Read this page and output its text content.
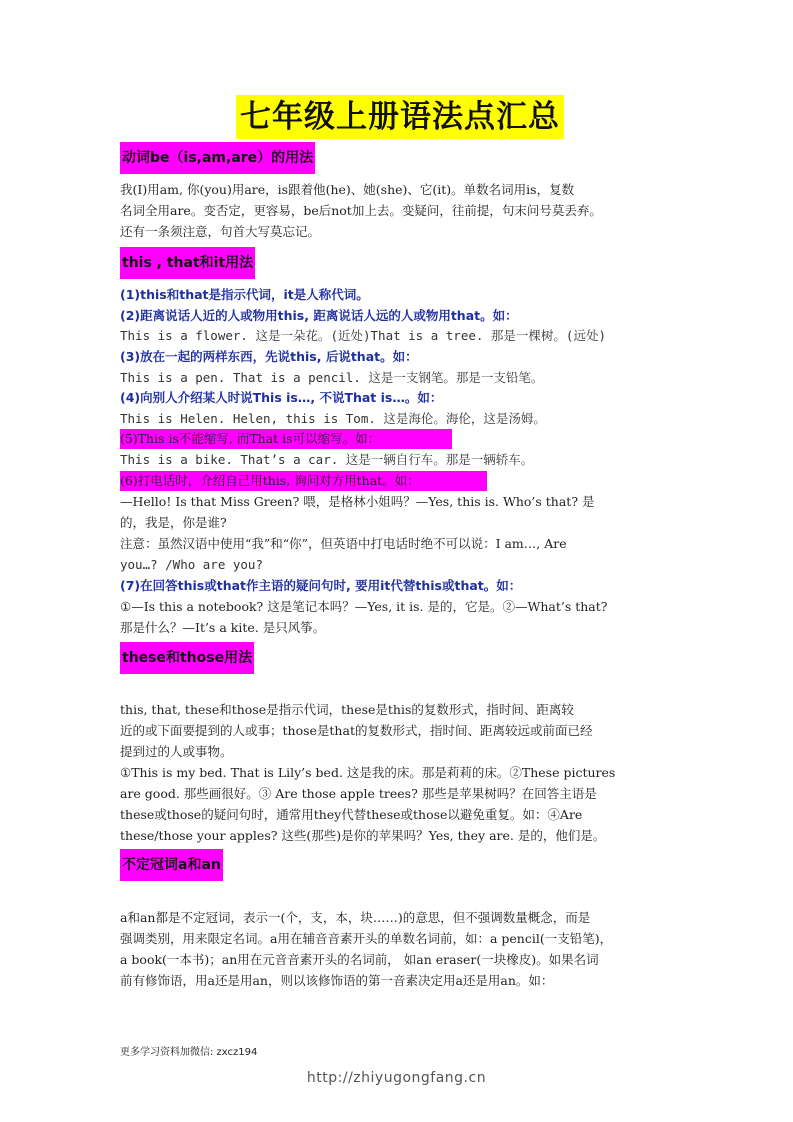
七年级上册语法点汇总
动词be（is,am,are）的用法
我(I)用am, 你(you)用are，is跟着他(he)、她(she)、它(it)。单数名词用is，复数
名词全用are。变否定，更容易，be后not加上去。变疑问，往前提，句末问号莫丢弃。
还有一条须注意，句首大写莫忘记。
this , that和it用法
(1)this和that是指示代词，it是人称代词。
(2)距离说话人近的人或物用this, 距离说话人远的人或物用that。如：
This is a flower. 这是一朵花。(近处)That is a tree. 那是一棵树。(远处)
(3)放在一起的两样东西，先说this, 后说that。如：
This is a pen. That is a pencil. 这是一支钢笔。那是一支铅笔。
(4)向别人介绍某人时说This is…, 不说That is…。如：
This is Helen. Helen, this is Tom. 这是海伦。海伦，这是汤姆。
(5)This is不能缩写, 而That is可以缩写。如：
This is a bike. That’s a car. 这是一辆自行车。那是一辆轿车。
(6)打电话时，介绍自己用this, 询问对方用that。如：
—Hello! Is that Miss Green? 喂，是格林小姐吗？—Yes, this is. Who’s that? 是
的，我是，你是谁?
注意：虽然汉语中使用“我”和“你”，但英语中打电话时绝不可以说：I am…, Are
you…? /Who are you?
(7)在回答this或that作主语的疑问句时, 要用it代替this或that。如：
①—Is this a notebook? 这是笔记本吗？—Yes, it is. 是的，它是。②—What’s that?
那是什么？—It’s a kite. 是只风筝。
these和those用法
this, that, these和those是指示代词，these是this的复数形式，指时间、距离较
近的或下面要提到的人或事；those是that的复数形式，指时间、距离较远或前面已经
提到过的人或事物。
①This is my bed. That is Lily’s bed. 这是我的床。那是莉莉的床。②These pictures
are good. 那些画很好。③ Are those apple trees? 那些是苹果树吗？在回答主语是
these或those的疑问句时，通常用they代替these或those以避免重复。如：④Are
these/those your apples? 这些(那些)是你的苹果吗？Yes, they are. 是的，他们是。
不定冠词a和an
a和an都是不定冠词，表示一(个，支，本，块……)的意思，但不强调数量概念，而是
强调类别，用来限定名词。a用在辅音音素开头的单数名词前，如：a pencil(一支铅笔)，
a book(一本书)；an用在元音音素开头的名词前， 如an eraser(一块橡皮)。如果名词
前有修饰语，用a还是用an，则以该修饰语的第一音素决定用a还是用an。如：
更多学习资料加微信: zxcz194
http://zhiyugongfang.cn
